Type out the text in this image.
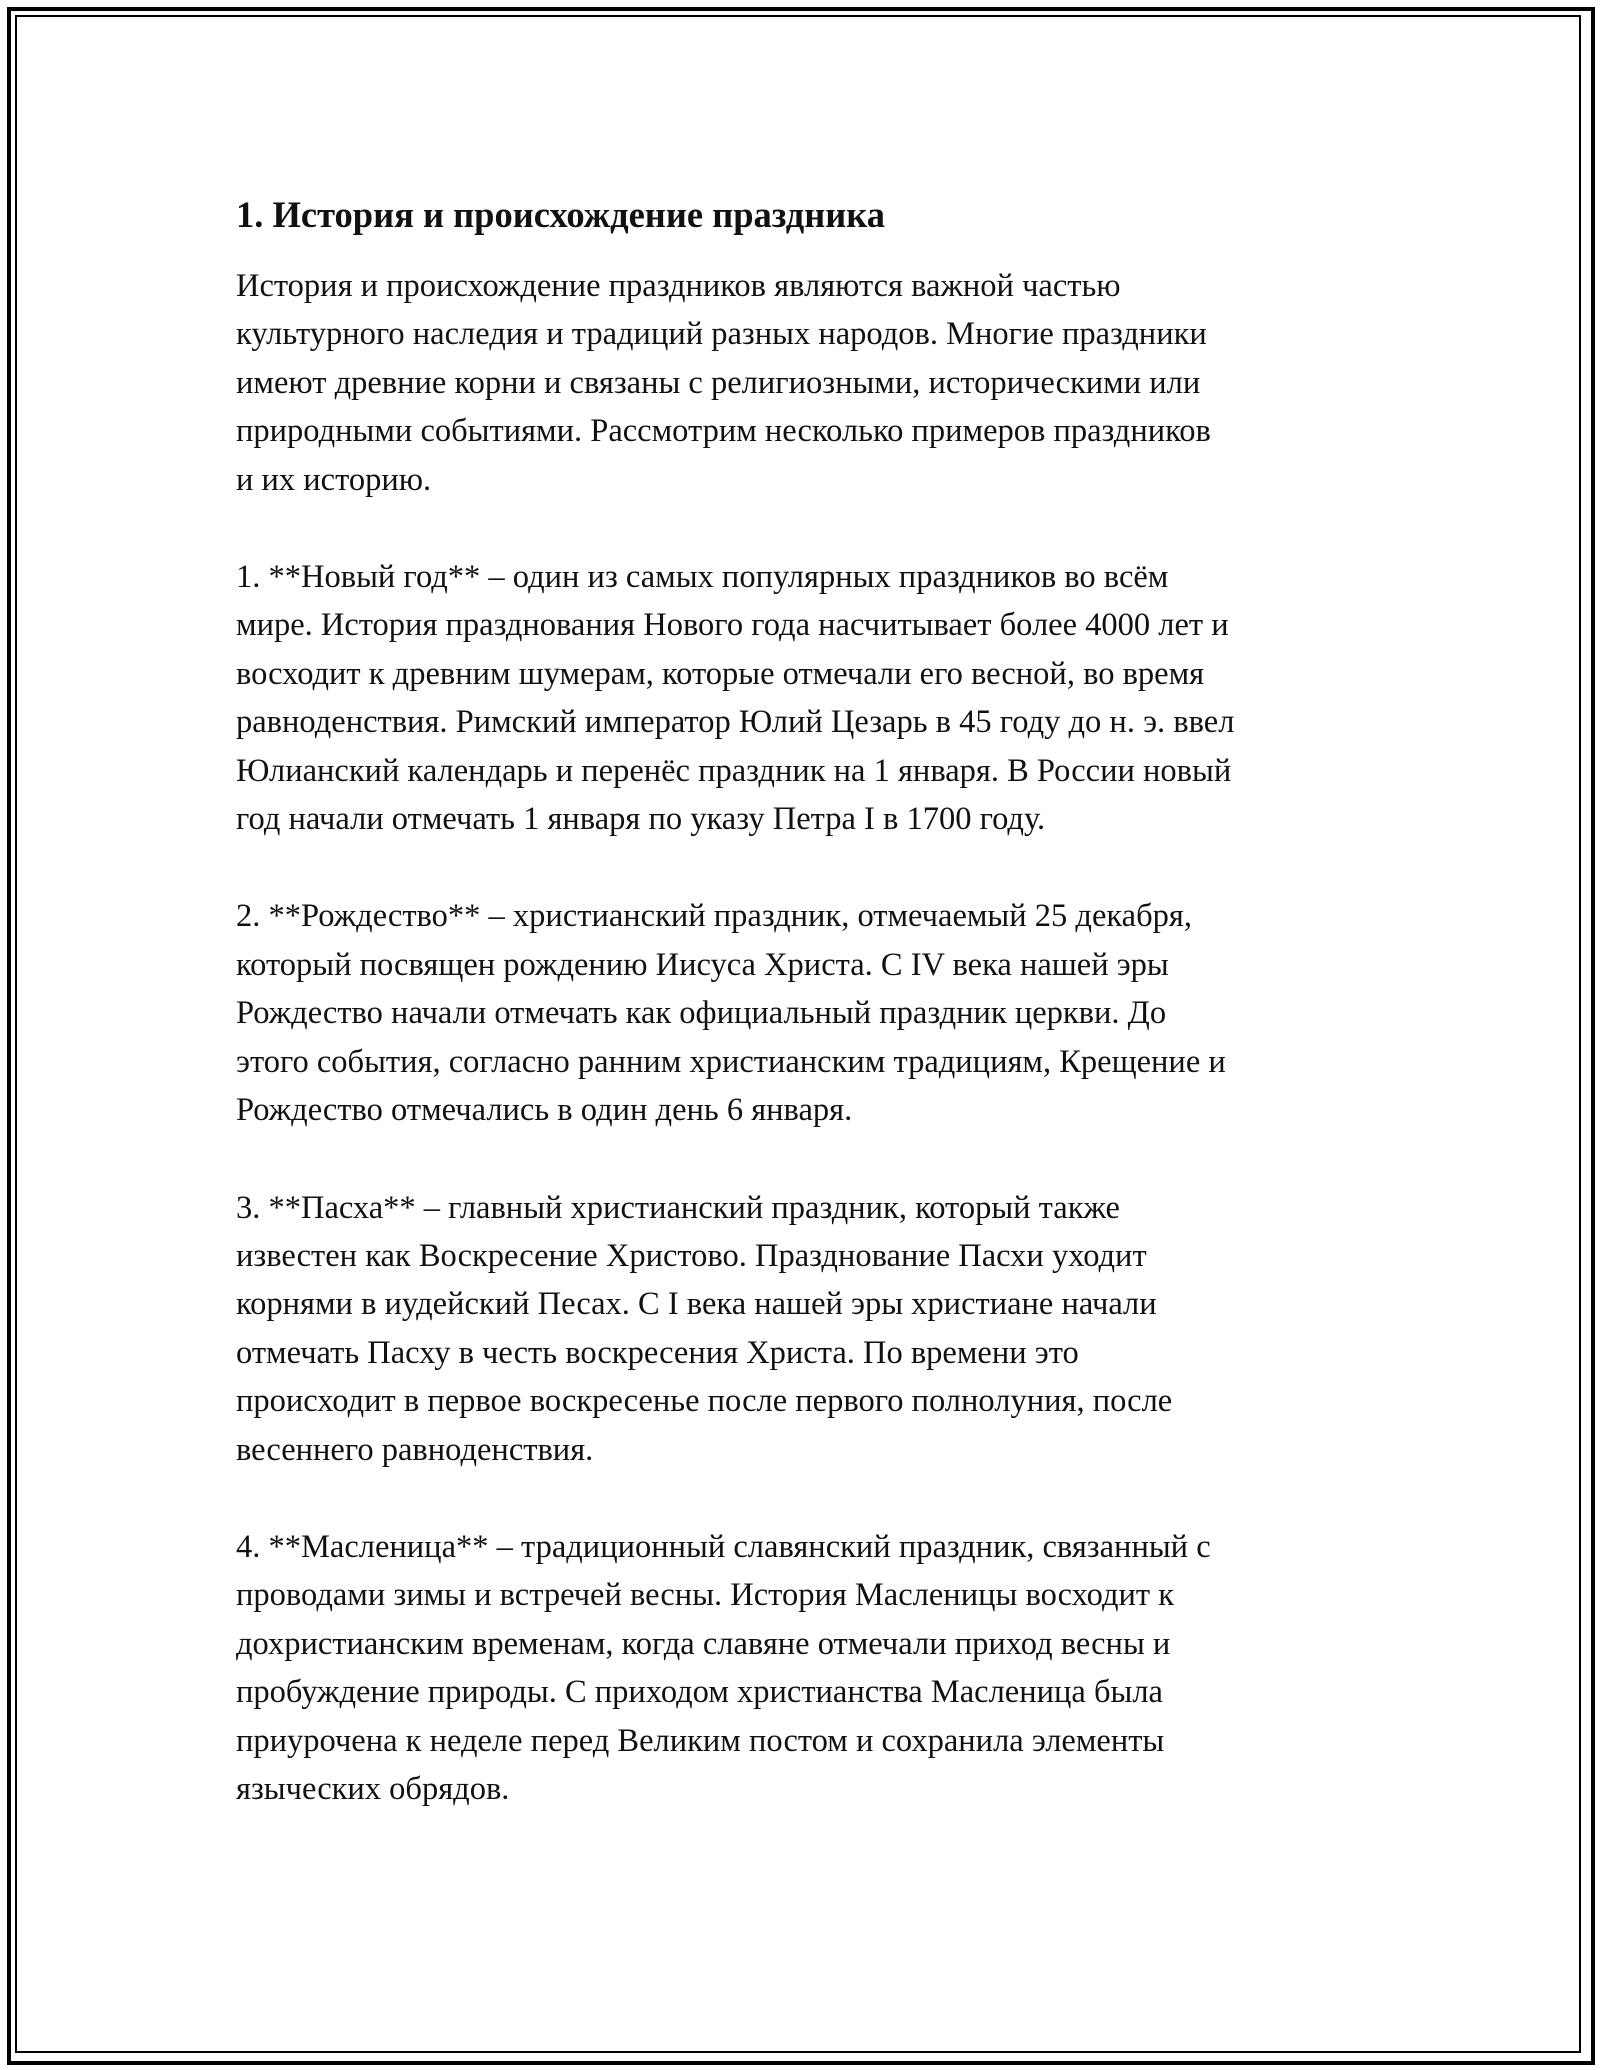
1. История и происхождение праздника

История и происхождение праздников являются важной частью
культурного наследия и традиций разных народов. Многие праздники
имеют древние корни и связаны с религиозными, историческими или
природными событиями. Рассмотрим несколько примеров праздников
и их историю.

1. **Новый год** – один из самых популярных праздников во всём
мире. История празднования Нового года насчитывает более 4000 лет и
восходит к древним шумерам, которые отмечали его весной, во время
равноденствия. Римский император Юлий Цезарь в 45 году до н. э. ввел
Юлианский календарь и перенёс праздник на 1 января. В России новый
год начали отмечать 1 января по указу Петра I в 1700 году.

2. **Рождество** – христианский праздник, отмечаемый 25 декабря,
который посвящен рождению Иисуса Христа. С IV века нашей эры
Рождество начали отмечать как официальный праздник церкви. До
этого события, согласно ранним христианским традициям, Крещение и
Рождество отмечались в один день 6 января.

3. **Пасха** – главный христианский праздник, который также
известен как Воскресение Христово. Празднование Пасхи уходит
корнями в иудейский Песах. С I века нашей эры христиане начали
отмечать Пасху в честь воскресения Христа. По времени это
происходит в первое воскресенье после первого полнолуния, после
весеннего равноденствия.

4. **Масленица** – традиционный славянский праздник, связанный с
проводами зимы и встречей весны. История Масленицы восходит к
дохристианским временам, когда славяне отмечали приход весны и
пробуждение природы. С приходом христианства Масленица была
приурочена к неделе перед Великим постом и сохранила элементы
языческих обрядов.
